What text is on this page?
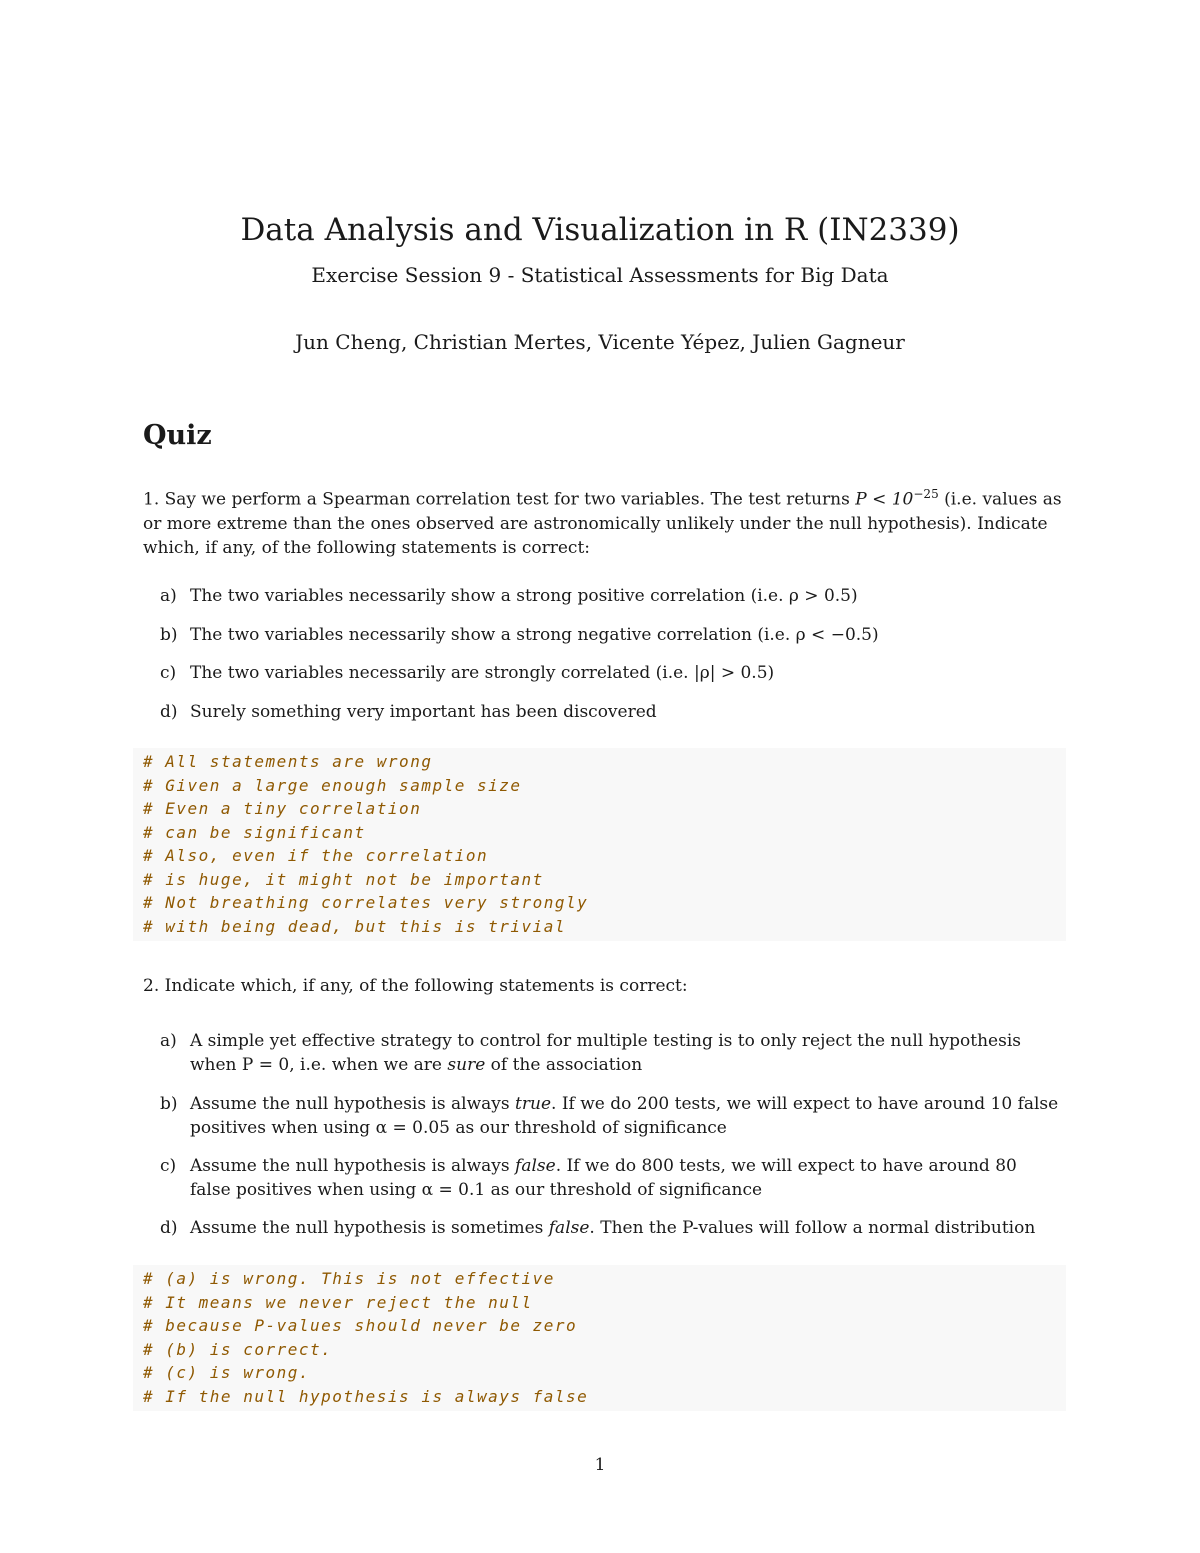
Data Analysis and Visualization in R (IN2339)
Exercise Session 9 - Statistical Assessments for Big Data
Jun Cheng, Christian Mertes, Vicente Yépez, Julien Gagneur
Quiz
1. Say we perform a Spearman correlation test for two variables. The test returns $P < 10^{-25}$ (i.e. values as or more extreme than the ones observed are astronomically unlikely under the null hypothesis). Indicate which, if any, of the following statements is correct:
a) The two variables necessarily show a strong positive correlation (i.e. ρ > 0.5)
b) The two variables necessarily show a strong negative correlation (i.e. ρ < −0.5)
c) The two variables necessarily are strongly correlated (i.e. |ρ| > 0.5)
d) Surely something very important has been discovered
# All statements are wrong
# Given a large enough sample size
# Even a tiny correlation
# can be significant
# Also, even if the correlation
# is huge, it might not be important
# Not breathing correlates very strongly
# with being dead, but this is trivial
2. Indicate which, if any, of the following statements is correct:
a) A simple yet effective strategy to control for multiple testing is to only reject the null hypothesis when P = 0, i.e. when we are sure of the association
b) Assume the null hypothesis is always true. If we do 200 tests, we will expect to have around 10 false positives when using α = 0.05 as our threshold of significance
c) Assume the null hypothesis is always false. If we do 800 tests, we will expect to have around 80 false positives when using α = 0.1 as our threshold of significance
d) Assume the null hypothesis is sometimes false. Then the P-values will follow a normal distribution
# (a) is wrong. This is not effective
# It means we never reject the null
# because P-values should never be zero
# (b) is correct.
# (c) is wrong.
# If the null hypothesis is always false
1
